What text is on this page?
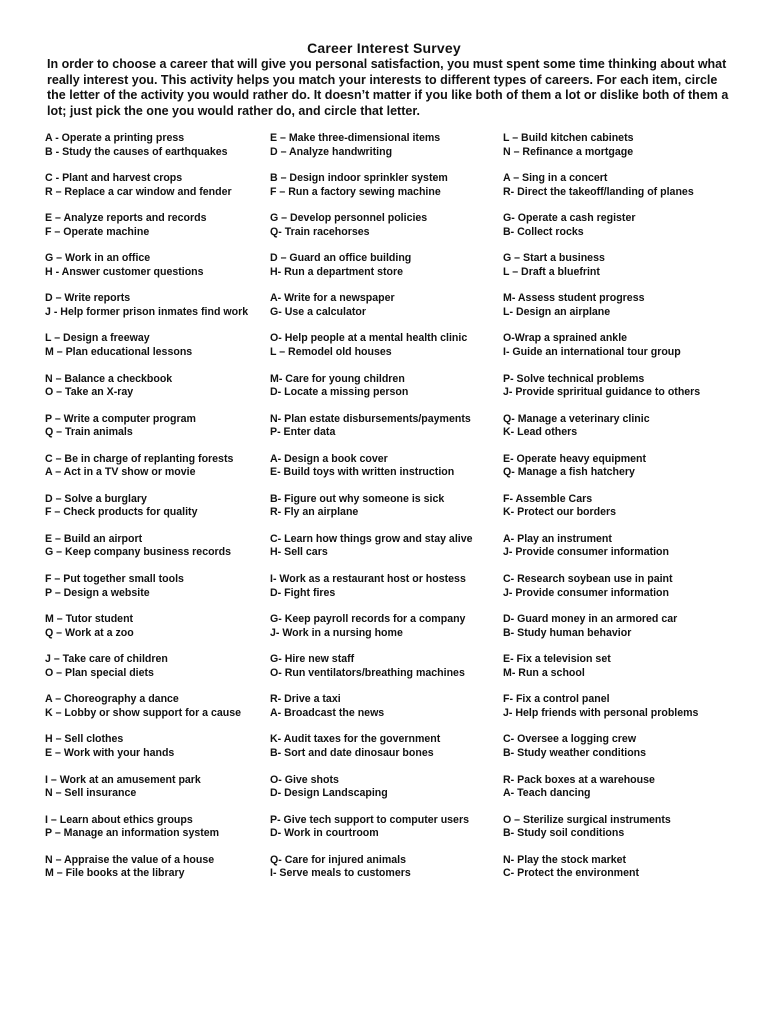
Career Interest Survey
In order to choose a career that will give you personal satisfaction, you must spent some time thinking about what really interest you. This activity helps you match your interests to different types of careers. For each item, circle the letter of the activity you would rather do. It doesn’t matter if you like both of them a lot or dislike both of them a lot; just pick the one you would rather do, and circle that letter.
A - Operate a printing press
B - Study the causes of earthquakes
E – Make three-dimensional items
D – Analyze handwriting
L – Build kitchen cabinets
N – Refinance a mortgage
C - Plant and harvest crops
R – Replace a car window and fender
B – Design indoor sprinkler system
F – Run a factory sewing machine
A – Sing in a concert
R- Direct the takeoff/landing of planes
E – Analyze reports and records
F – Operate machine
G – Develop personnel policies
Q- Train racehorses
G- Operate a cash register
B- Collect rocks
G – Work in an office
H - Answer customer questions
D – Guard an office building
H- Run a department store
G – Start a business
L – Draft a bluefrint
D – Write reports
J - Help former prison inmates find work
A- Write for a newspaper
G- Use a calculator
M- Assess student progress
L- Design an airplane
L – Design a freeway
M – Plan educational lessons
O- Help people at a mental health clinic
L – Remodel old houses
O-Wrap a sprained ankle
I- Guide an international tour group
N – Balance a checkbook
O – Take an X-ray
M- Care for young children
D- Locate a missing person
P- Solve technical problems
J- Provide spriritual guidance to others
P – Write a computer program
Q – Train animals
N- Plan estate disbursements/payments
P- Enter data
Q- Manage a veterinary clinic
K- Lead others
C – Be in charge of replanting forests
A – Act in a TV show or movie
A- Design a book cover
E- Build toys with written instruction
E- Operate heavy equipment
Q- Manage a fish hatchery
D – Solve a burglary
F – Check products for quality
B- Figure out why someone is sick
R- Fly an airplane
F- Assemble Cars
K- Protect our borders
E – Build an airport
G – Keep company business records
C- Learn how things grow and stay alive
H- Sell cars
A- Play an instrument
J- Provide consumer information
F – Put together small tools
P – Design a website
I- Work as a restaurant host or hostess
D- Fight fires
C- Research soybean use in paint
J- Provide consumer information
M – Tutor student
Q – Work at a zoo
G- Keep payroll records for a company
J- Work in a nursing home
D- Guard money in an armored car
B- Study human behavior
J – Take care of children
O – Plan special diets
G- Hire new staff
O- Run ventilators/breathing machines
E- Fix a television set
M- Run a school
A – Choreography a dance
K – Lobby or show support for a cause
R- Drive a taxi
A- Broadcast the news
F- Fix a control panel
J- Help friends with personal problems
H – Sell clothes
E – Work with your hands
K- Audit taxes for the government
B- Sort and date dinosaur bones
C- Oversee a logging crew
B- Study weather conditions
I – Work at an amusement park
N – Sell insurance
O- Give shots
D- Design Landscaping
R- Pack boxes at a warehouse
A- Teach dancing
I – Learn about ethics groups
P – Manage an information system
P- Give tech support to computer users
D- Work in courtroom
O – Sterilize surgical instruments
B- Study soil conditions
N – Appraise the value of a house
M – File books at the library
Q- Care for injured animals
I- Serve meals to customers
N- Play the stock market
C- Protect the environment
